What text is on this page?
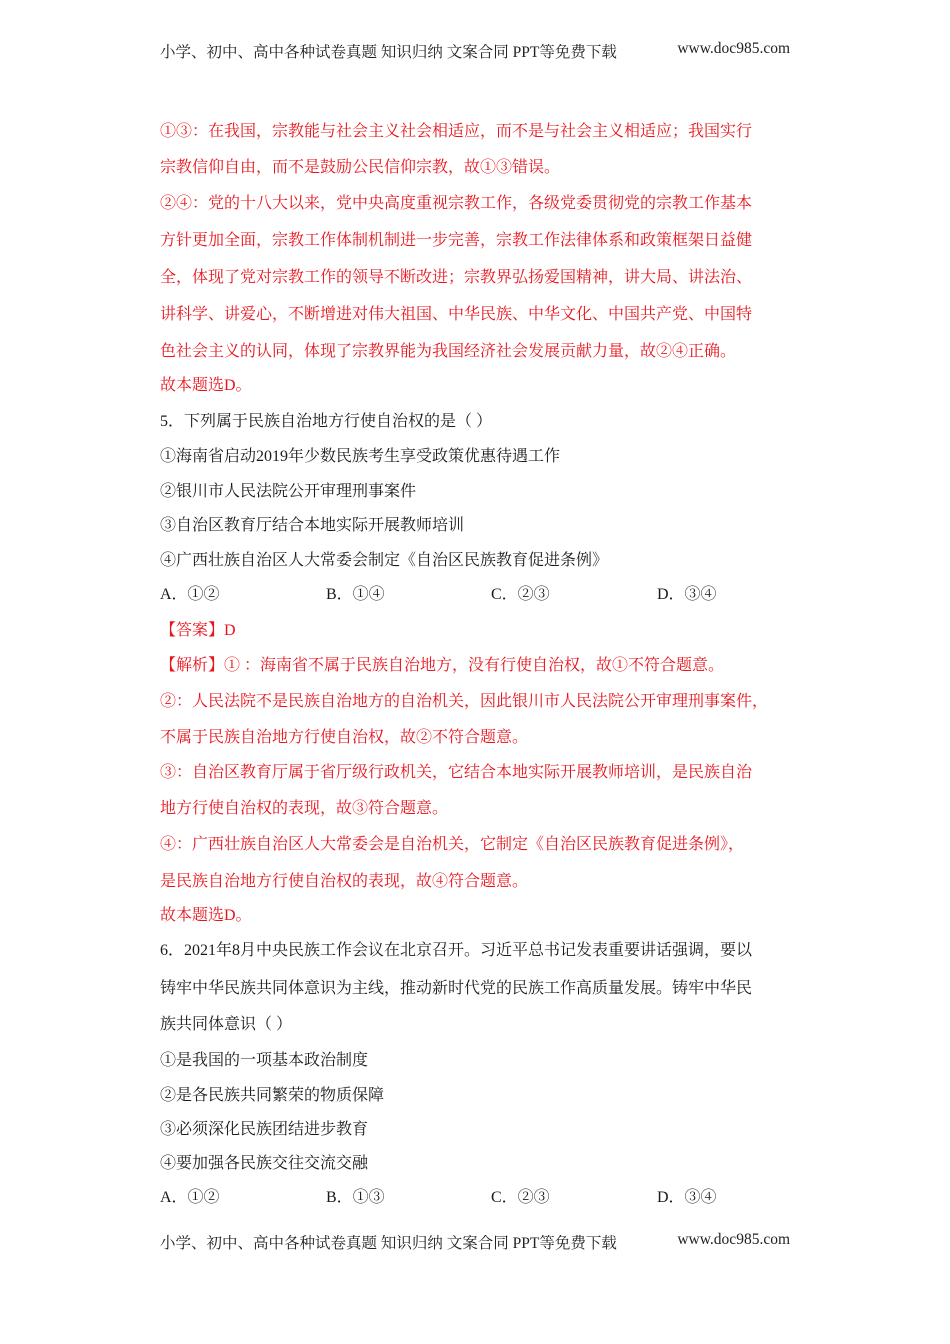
小学、初中、高中各种试卷真题 知识归纳 文案合同 PPT等免费下载	www.doc985.com
①③：在我国，宗教能与社会主义社会相适应，而不是与社会主义相适应；我国实行
宗教信仰自由，而不是鼓励公民信仰宗教，故①③错误。
②④：党的十八大以来，党中央高度重视宗教工作，各级党委贯彻党的宗教工作基本
方针更加全面，宗教工作体制机制进一步完善，宗教工作法律体系和政策框架日益健
全，体现了党对宗教工作的领导不断改进；宗教界弘扬爱国精神，讲大局、讲法治、
讲科学、讲爱心，不断增进对伟大祖国、中华民族、中华文化、中国共产党、中国特
色社会主义的认同，体现了宗教界能为我国经济社会发展贡献力量，故②④正确。
故本题选D。
5．下列属于民族自治地方行使自治权的是（ ）
①海南省启动2019年少数民族考生享受政策优惠待遇工作
②银川市人民法院公开审理刑事案件
③自治区教育厅结合本地实际开展教师培训
④广西壮族自治区人大常委会制定《自治区民族教育促进条例》
A．①②	B．①④	C．②③	D．③④
【答案】D
【解析】① ：海南省不属于民族自治地方，没有行使自治权，故①不符合题意。
②：人民法院不是民族自治地方的自治机关，因此银川市人民法院公开审理刑事案件，
不属于民族自治地方行使自治权，故②不符合题意。
③：自治区教育厅属于省厅级行政机关，它结合本地实际开展教师培训，是民族自治
地方行使自治权的表现，故③符合题意。
④：广西壮族自治区人大常委会是自治机关，它制定《自治区民族教育促进条例》，
是民族自治地方行使自治权的表现，故④符合题意。
故本题选D。
6．2021年8月中央民族工作会议在北京召开。习近平总书记发表重要讲话强调，要以
铸牢中华民族共同体意识为主线，推动新时代党的民族工作高质量发展。铸牢中华民
族共同体意识（ ）
①是我国的一项基本政治制度
②是各民族共同繁荣的物质保障
③必须深化民族团结进步教育
④要加强各民族交往交流交融
A．①②	B．①③	C．②③	D．③④
小学、初中、高中各种试卷真题 知识归纳 文案合同 PPT等免费下载	www.doc985.com
